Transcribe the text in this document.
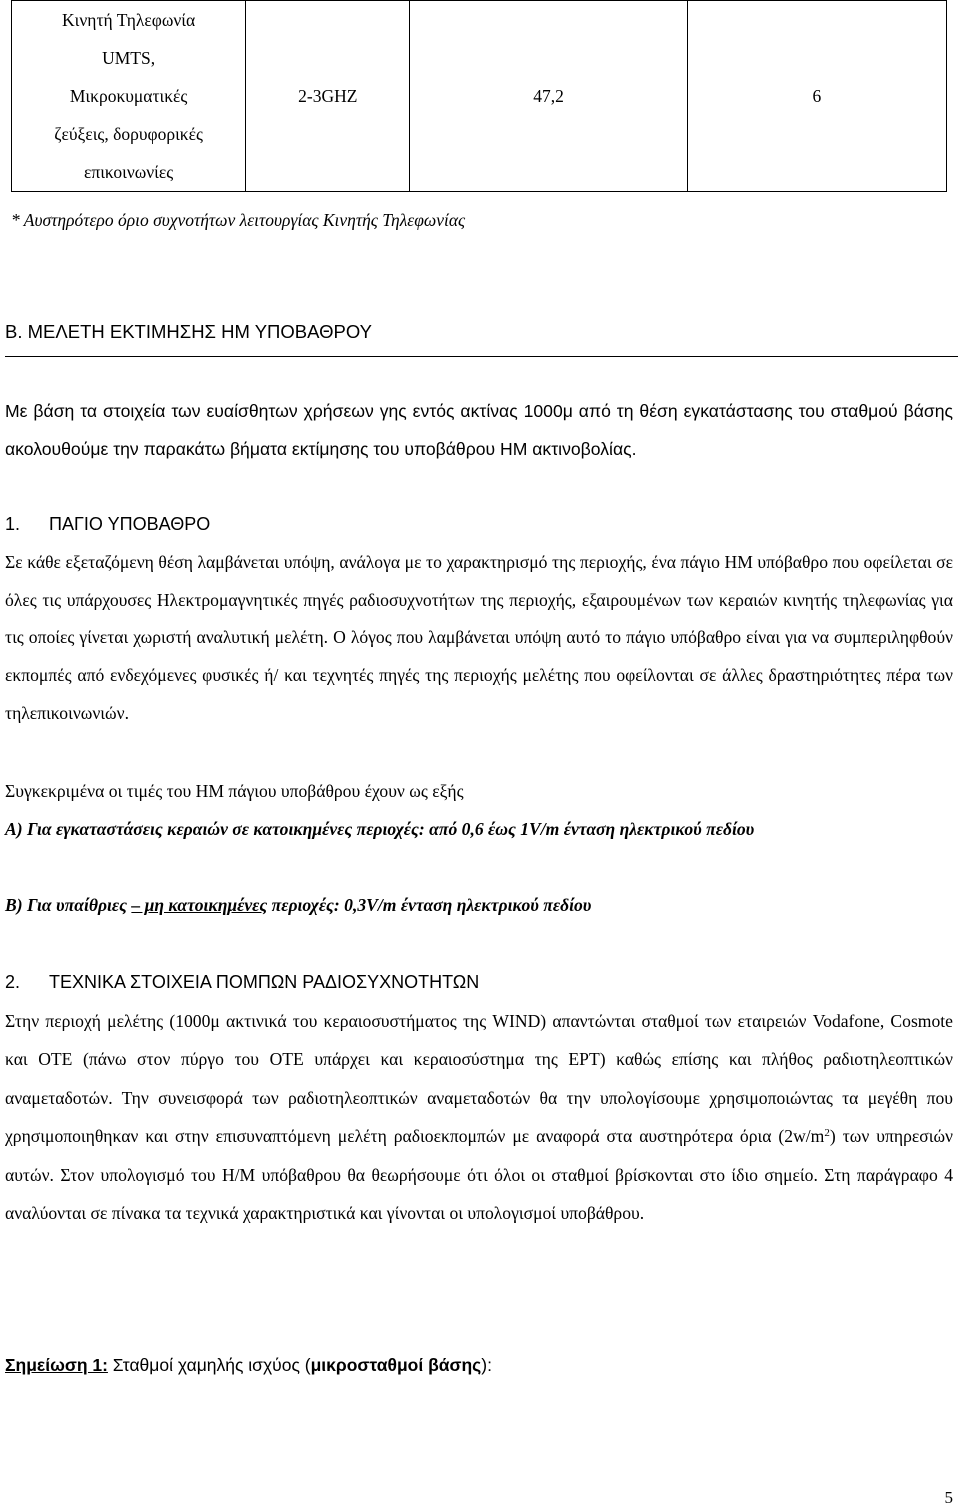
Κινητή Τηλεφωνία
UMTS,
Μικροκυματικές
ζεύξεις, δορυφορικές
επικοινωνίες
	2-3GHZ	47,2	6
* Αυστηρότερο όριο συχνοτήτων λειτουργίας Κινητής Τηλεφωνίας
Β. ΜΕΛΕΤΗ ΕΚΤΙΜΗΣΗΣ ΗΜ ΥΠΟΒΑΘΡΟΥ
Με βάση τα στοιχεία των ευαίσθητων χρήσεων γης εντός ακτίνας 1000μ από τη θέση εγκατάστασης του σταθμού βάσης ακολουθούμε την παρακάτω βήματα εκτίμησης του υποβάθρου ΗΜ ακτινοβολίας.
1. ΠΑΓΙΟ ΥΠΟΒΑΘΡΟ
Σε κάθε εξεταζόμενη θέση λαμβάνεται υπόψη, ανάλογα με το χαρακτηρισμό της περιοχής, ένα πάγιο ΗΜ υπόβαθρο που οφείλεται σε όλες τις υπάρχουσες Ηλεκτρομαγνητικές πηγές ραδιοσυχνοτήτων της περιοχής, εξαιρουμένων των κεραιών κινητής τηλεφωνίας για τις οποίες γίνεται χωριστή αναλυτική μελέτη. Ο λόγος που λαμβάνεται υπόψη αυτό το πάγιο υπόβαθρο είναι για να συμπεριληφθούν εκπομπές από ενδεχόμενες φυσικές ή/ και τεχνητές πηγές της περιοχής μελέτης που οφείλονται σε άλλες δραστηριότητες πέρα των τηλεπικοινωνιών.
Συγκεκριμένα οι τιμές του ΗΜ πάγιου υποβάθρου έχουν ως εξής
Α) Για εγκαταστάσεις κεραιών σε κατοικημένες περιοχές: από 0,6 έως 1V/m ένταση ηλεκτρικού πεδίου
Β) Για υπαίθριες – μη κατοικημένες περιοχές: 0,3V/m ένταση ηλεκτρικού πεδίου
2. ΤΕΧΝΙΚΑ ΣΤΟΙΧΕΙΑ ΠΟΜΠΩΝ ΡΑΔΙΟΣΥΧΝΟΤΗΤΩΝ
Στην περιοχή μελέτης (1000μ ακτινικά του κεραιοσυστήματος της WIND) απαντώνται σταθμοί των εταιρειών Vodafone, Cosmote και ΟΤΕ (πάνω στον πύργο του ΟΤΕ υπάρχει και κεραιοσύστημα της ΕΡΤ) καθώς επίσης και πλήθος ραδιοτηλεοπτικών αναμεταδοτών. Την συνεισφορά των ραδιοτηλεοπτικών αναμεταδοτών θα την υπολογίσουμε χρησιμοποιώντας τα μεγέθη που χρησιμοποιηθηκαν και στην επισυναπτόμενη μελέτη ραδιοεκπομπών με αναφορά στα αυστηρότερα όρια $(2w/m^2)$ των υπηρεσιών αυτών. Στον υπολογισμό του Η/Μ υπόβαθρου θα θεωρήσουμε ότι όλοι οι σταθμοί βρίσκονται στο ίδιο σημείο. Στη παράγραφο 4 αναλύονται σε πίνακα τα τεχνικά χαρακτηριστικά και γίνονται οι υπολογισμοί υποβάθρου.
Σημείωση 1: Σταθμοί χαμηλής ισχύος (μικροσταθμοί βάσης):
5
